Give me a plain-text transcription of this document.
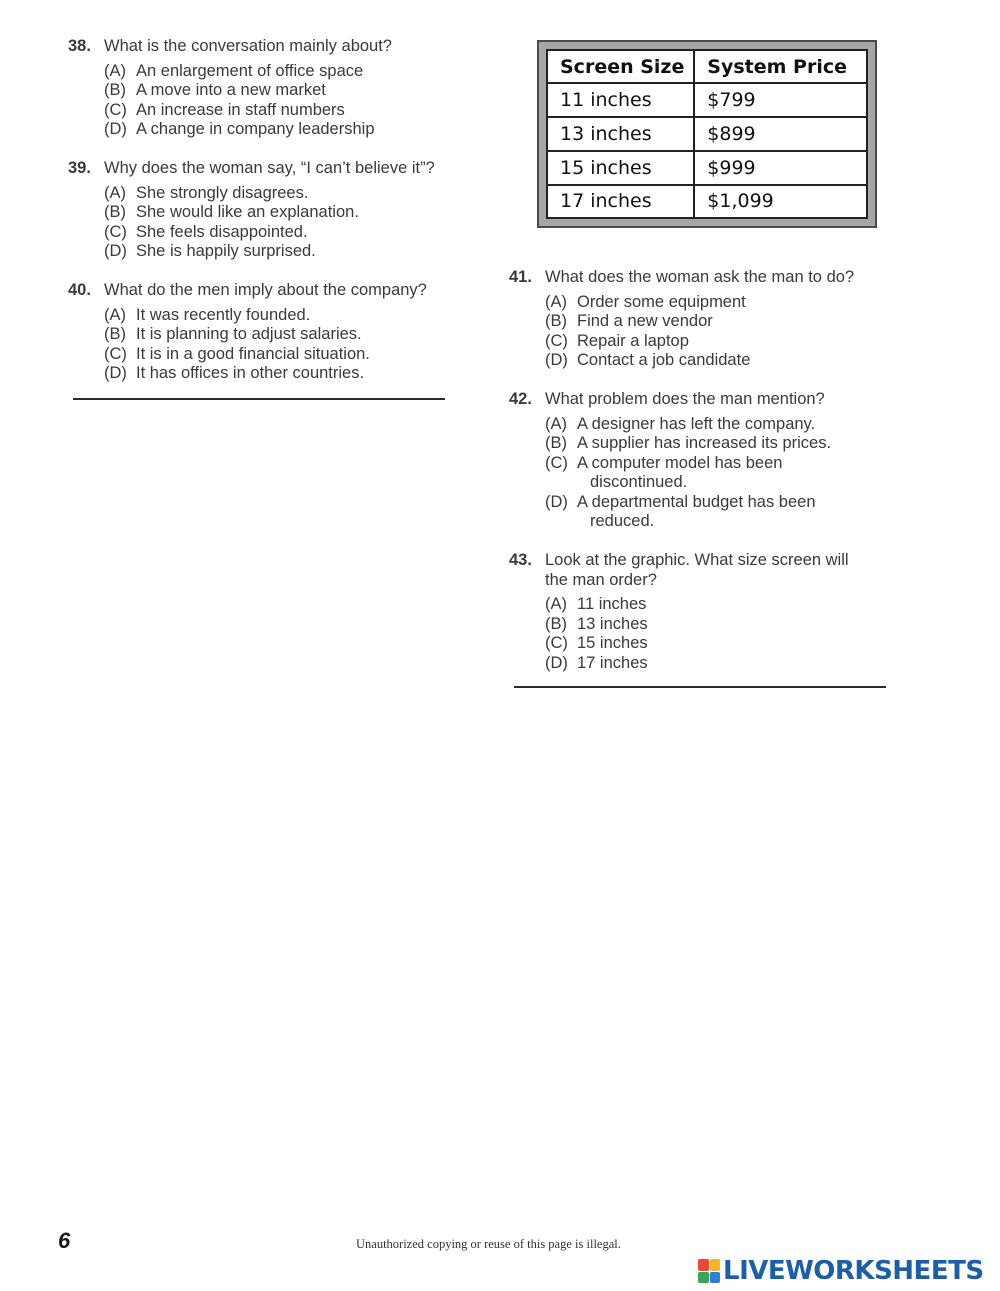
38. What is the conversation mainly about?
(A) An enlargement of office space
(B) A move into a new market
(C) An increase in staff numbers
(D) A change in company leadership
39. Why does the woman say, “I can’t believe it”?
(A) She strongly disagrees.
(B) She would like an explanation.
(C) She feels disappointed.
(D) She is happily surprised.
40. What do the men imply about the company?
(A) It was recently founded.
(B) It is planning to adjust salaries.
(C) It is in a good financial situation.
(D) It has offices in other countries.
Screen Size	System Price
11 inches	$799
13 inches	$899
15 inches	$999
17 inches	$1,099
41. What does the woman ask the man to do?
(A) Order some equipment
(B) Find a new vendor
(C) Repair a laptop
(D) Contact a job candidate
42. What problem does the man mention?
(A) A designer has left the company.
(B) A supplier has increased its prices.
(C) A computer model has been
discontinued.
(D) A departmental budget has been
reduced.
43. Look at the graphic. What size screen will
the man order?
(A) 11 inches
(B) 13 inches
(C) 15 inches
(D) 17 inches
6	Unauthorized copying or reuse of this page is illegal.
LIVEWORKSHEETS
